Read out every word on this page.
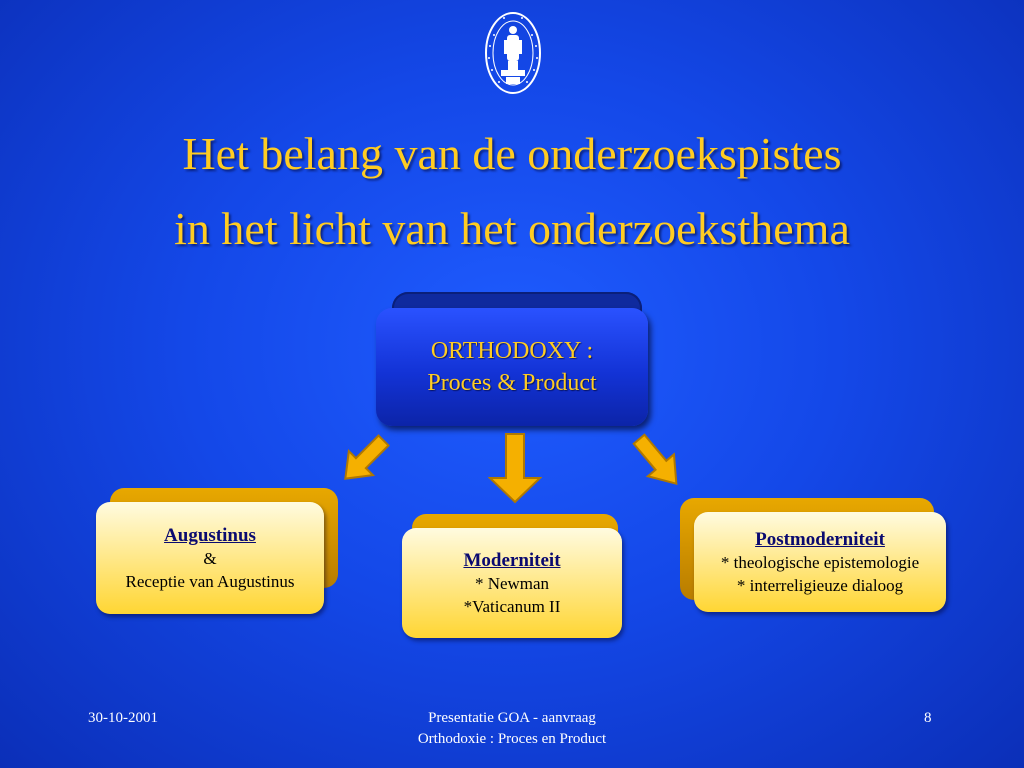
Het belang van de onderzoekspistes
in het licht van het onderzoeksthema
ORTHODOXY :
Proces & Product
Augustinus
&
Receptie van Augustinus
Moderniteit
* Newman
*Vaticanum II
Postmoderniteit
* theologische epistemologie
* interreligieuze dialoog
30-10-2001	Presentatie GOA - aanvraag
Orthodoxie : Proces en Product
8
